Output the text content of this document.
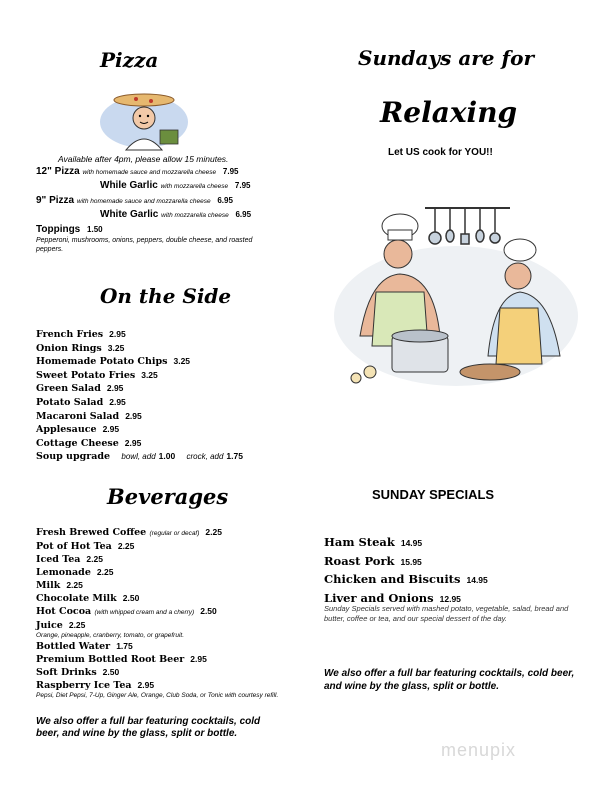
Pizza
Available after 4pm, please allow 15 minutes.
12" Pizza with homemade sauce and mozzarella cheese 7.95
While Garlic with mozzarella cheese 7.95
9" Pizza with homemade sauce and mozzarella cheese 6.95
White Garlic with mozzarella cheese 6.95
Toppings 1.50
Pepperoni, mushrooms, onions, peppers, double cheese, and roasted peppers.
On the Side
French Fries 2.95
Onion Rings 3.25
Homemade Potato Chips 3.25
Sweet Potato Fries 3.25
Green Salad 2.95
Potato Salad 2.95
Macaroni Salad 2.95
Applesauce 2.95
Cottage Cheese 2.95
Soup upgrade bowl, add 1.00 crock, add 1.75
Beverages
Fresh Brewed Coffee (regular or decaf) 2.25
Pot of Hot Tea 2.25
Iced Tea 2.25
Lemonade 2.25
Milk 2.25
Chocolate Milk 2.50
Hot Cocoa (with whipped cream and a cherry) 2.50
Juice 2.25
Orange, pineapple, cranberry, tomato, or grapefruit.
Bottled Water 1.75
Premium Bottled Root Beer 2.95
Soft Drinks 2.50
Raspberry Ice Tea 2.95
Pepsi, Diet Pepsi, 7-Up, Ginger Ale, Orange, Club Soda, or Tonic with courtesy refill.
We also offer a full bar featuring cocktails, cold beer, and wine by the glass, split or bottle.
Sundays are for
Relaxing
Let US cook for YOU!!
SUNDAY SPECIALS
Ham Steak 14.95
Roast Pork 15.95
Chicken and Biscuits 14.95
Liver and Onions 12.95
Sunday Specials served with mashed potato, vegetable, salad, bread and butter, coffee or tea, and our special dessert of the day.
We also offer a full bar featuring cocktails, cold beer, and wine by the glass, split or bottle.
menupix
